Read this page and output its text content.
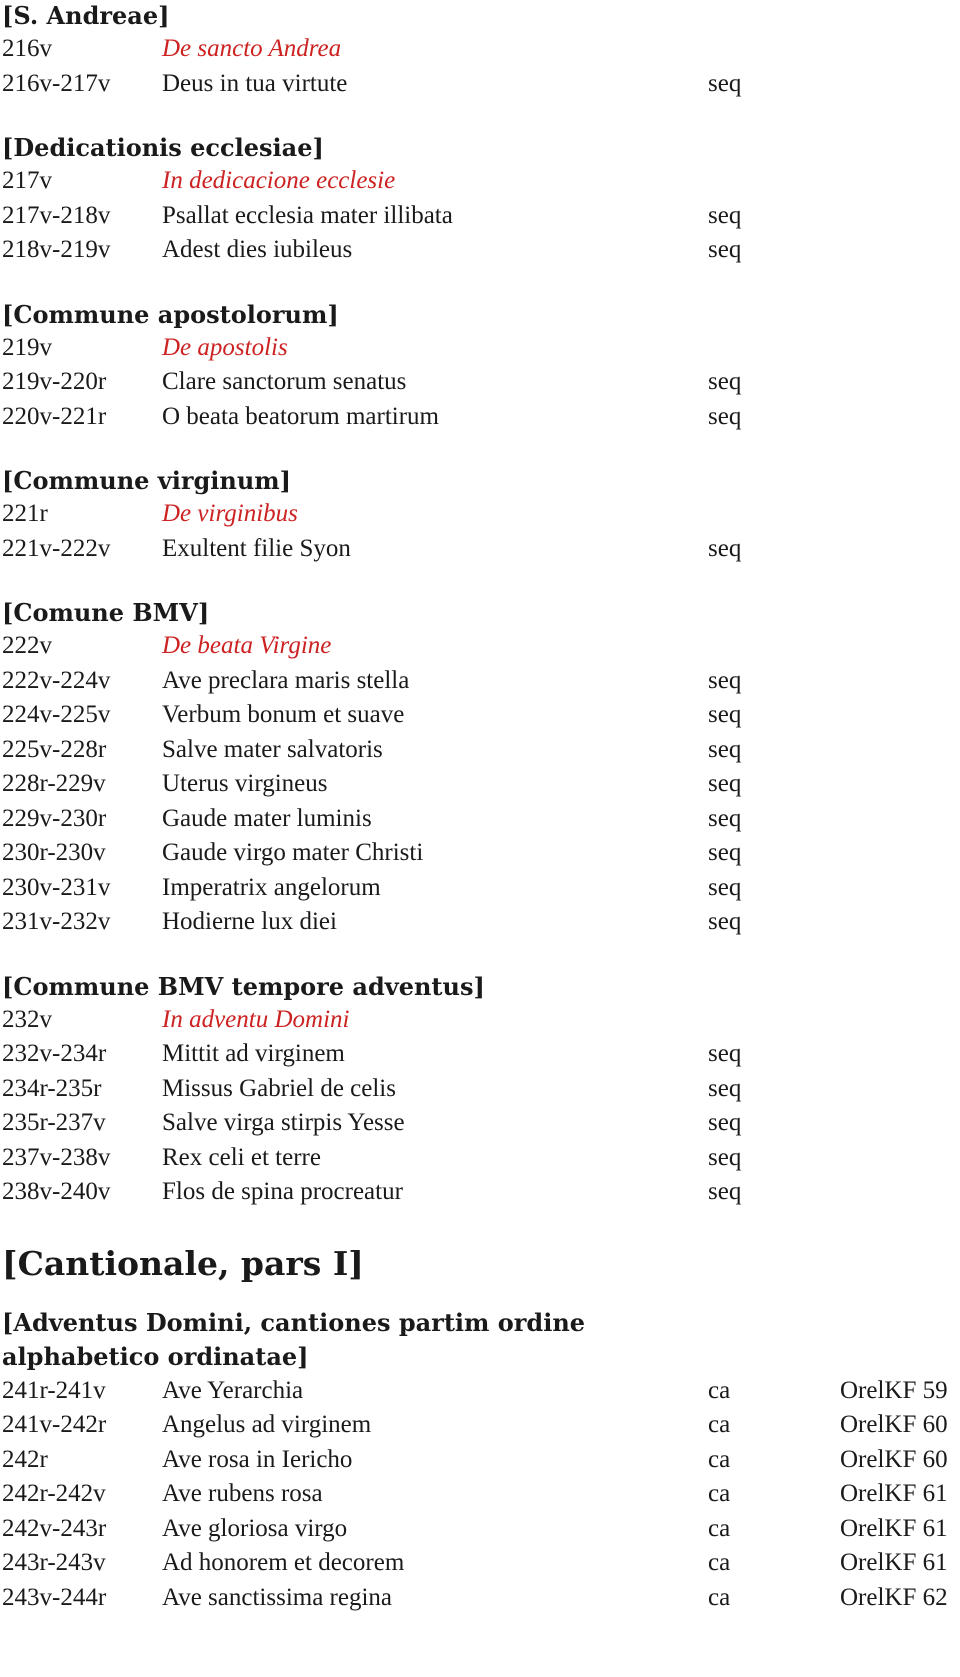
[S. Andreae]
216v	De sancto Andrea
216v-217v Deus in tua virtute	seq
[Dedicationis ecclesiae]
217v	In dedicacione ecclesie
217v-218v Psallat ecclesia mater illibata	seq
218v-219v Adest dies iubileus	seq
[Commune apostolorum]
219v	De apostolis
219v-220r Clare sanctorum senatus	seq
220v-221r O beata beatorum martirum	seq
[Commune virginum]
221r	De virginibus
221v-222v Exultent filie Syon	seq
[Comune BMV]
222v	De beata Virgine
222v-224v Ave preclara maris stella	seq
224v-225v Verbum bonum et suave	seq
225v-228r Salve mater salvatoris	seq
228r-229v Uterus virgineus	seq
229v-230r Gaude mater luminis	seq
230r-230v Gaude virgo mater Christi	seq
230v-231v Imperatrix angelorum	seq
231v-232v Hodierne lux diei	seq
[Commune BMV tempore adventus]
232v	In adventu Domini
232v-234r Mittit ad virginem	seq
234r-235r Missus Gabriel de celis	seq
235r-237v Salve virga stirpis Yesse	seq
237v-238v Rex celi et terre	seq
238v-240v Flos de spina procreatur	seq
[Cantionale, pars I]
[Adventus Domini, cantiones partim ordine alphabetico ordinatae]
241r-241v Ave Yerarchia	ca	OrelKF 59
241v-242r Angelus ad virginem	ca	OrelKF 60
242r	Ave rosa in Iericho	ca	OrelKF 60
242r-242v Ave rubens rosa	ca	OrelKF 61
242v-243r Ave gloriosa virgo	ca	OrelKF 61
243r-243v Ad honorem et decorem	ca	OrelKF 61
243v-244r Ave sanctissima regina	ca	OrelKF 62
